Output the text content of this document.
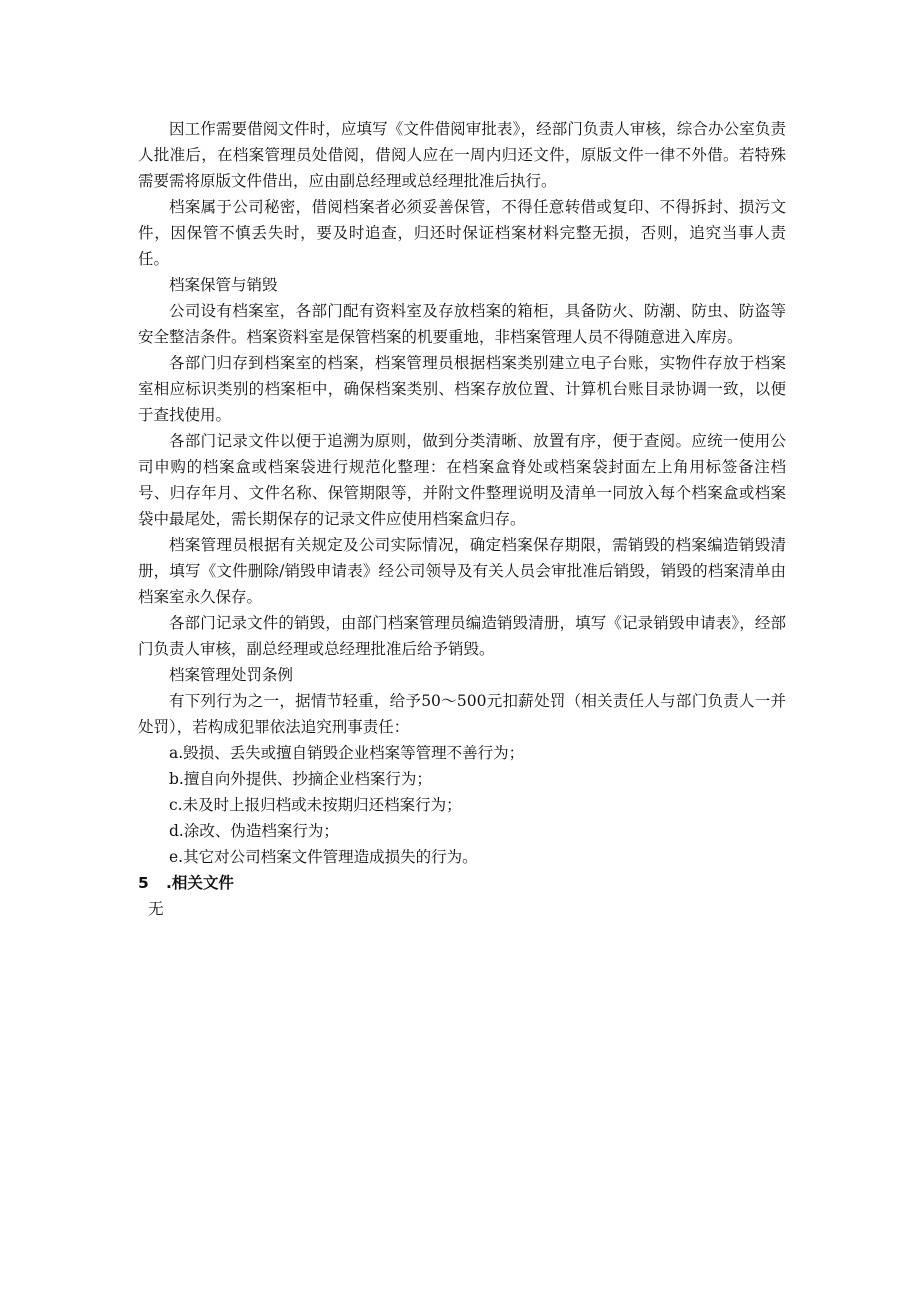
因工作需要借阅文件时，应填写《文件借阅审批表》，经部门负责人审核，综合办公室负责人批准后，在档案管理员处借阅，借阅人应在一周内归还文件，原版文件一律不外借。若特殊需要需将原版文件借出，应由副总经理或总经理批准后执行。

档案属于公司秘密，借阅档案者必须妥善保管，不得任意转借或复印、不得拆封、损污文件，因保管不慎丢失时，要及时追查，归还时保证档案材料完整无损，否则，追究当事人责任。

档案保管与销毁

公司设有档案室，各部门配有资料室及存放档案的箱柜，具备防火、防潮、防虫、防盗等安全整洁条件。档案资料室是保管档案的机要重地，非档案管理人员不得随意进入库房。

各部门归存到档案室的档案，档案管理员根据档案类别建立电子台账，实物件存放于档案室相应标识类别的档案柜中，确保档案类别、档案存放位置、计算机台账目录协调一致，以便于查找使用。

各部门记录文件以便于追溯为原则，做到分类清晰、放置有序，便于查阅。应统一使用公司申购的档案盒或档案袋进行规范化整理：在档案盒脊处或档案袋封面左上角用标签备注档号、归存年月、文件名称、保管期限等，并附文件整理说明及清单一同放入每个档案盒或档案袋中最尾处，需长期保存的记录文件应使用档案盒归存。

档案管理员根据有关规定及公司实际情况，确定档案保存期限，需销毁的档案编造销毁清册，填写《文件删除/销毁申请表》经公司领导及有关人员会审批准后销毁，销毁的档案清单由档案室永久保存。

各部门记录文件的销毁，由部门档案管理员编造销毁清册，填写《记录销毁申请表》，经部门负责人审核，副总经理或总经理批准后给予销毁。

档案管理处罚条例

有下列行为之一，据情节轻重，给予50～500元扣薪处罚（相关责任人与部门负责人一并处罚），若构成犯罪依法追究刑事责任：

a.毁损、丢失或擅自销毁企业档案等管理不善行为；

b.擅自向外提供、抄摘企业档案行为；

c.未及时上报归档或未按期归还档案行为；

d.涂改、伪造档案行为；

e.其它对公司档案文件管理造成损失的行为。

5 .相关文件

无
